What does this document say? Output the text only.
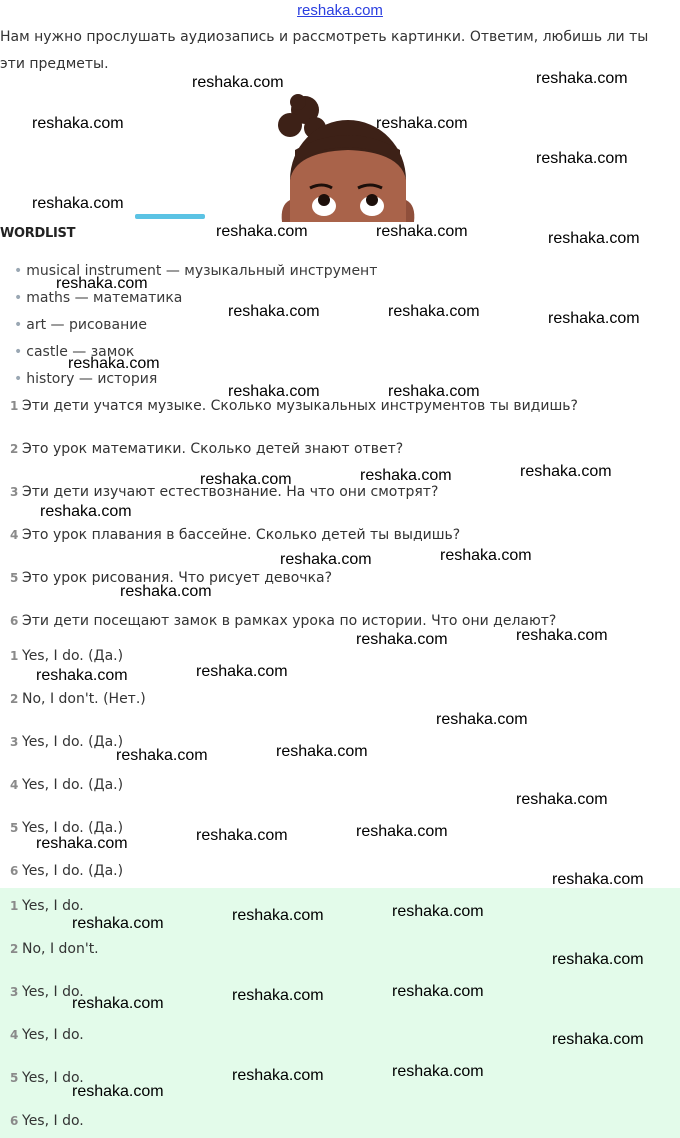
reshaka.com
Нам нужно прослушать аудиозапись и рассмотреть картинки. Ответим, любишь ли ты эти предметы.
WORDLIST
• musical instrument — музыкальный инструмент
• maths — математика
• art — рисование
• castle — замок
• history — история
1 Эти дети учатся музыке. Сколько музыкальных инструментов ты видишь?
2 Это урок математики. Сколько детей знают ответ?
3 Эти дети изучают естествознание. На что они смотрят?
4 Это урок плавания в бассейне. Сколько детей ты выдишь?
5 Это урок рисования. Что рисует девочка?
6 Эти дети посещают замок в рамках урока по истории. Что они делают?
1 Yes, I do. (Да.)
2 No, I don't. (Нет.)
3 Yes, I do. (Да.)
4 Yes, I do. (Да.)
5 Yes, I do. (Да.)
6 Yes, I do. (Да.)
1 Yes, I do.
2 No, I don't.
3 Yes, I do.
4 Yes, I do.
5 Yes, I do.
6 Yes, I do.
reshaka.com	reshaka.com
reshaka.com	reshaka.com
reshaka.com
reshaka.com
reshaka.com	reshaka.com	reshaka.com
reshaka.com
reshaka.com	reshaka.com	reshaka.com
reshaka.com
reshaka.com	reshaka.com
reshaka.com	reshaka.com	reshaka.com
reshaka.com
reshaka.com	reshaka.com
reshaka.com
reshaka.com	reshaka.com
reshaka.com	reshaka.com
reshaka.com
reshaka.com	reshaka.com
reshaka.com
reshaka.com	reshaka.com	reshaka.com
reshaka.com
reshaka.com	reshaka.com	reshaka.com
reshaka.com
reshaka.com	reshaka.com	reshaka.com
reshaka.com
reshaka.com
reshaka.com	reshaka.com
